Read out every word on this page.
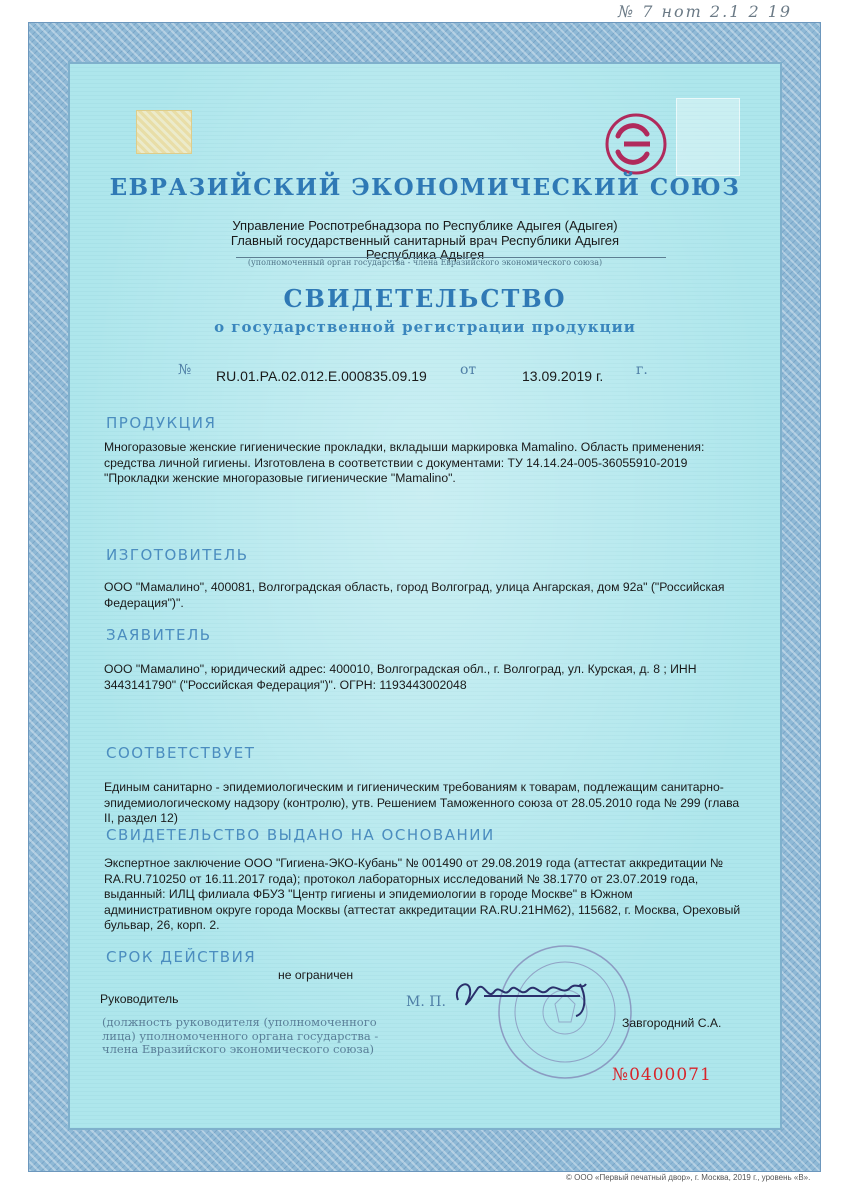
№ 7 нот 2.1 2 19
ЕВРАЗИЙСКИЙ ЭКОНОМИЧЕСКИЙ СОЮЗ
Управление Роспотребнадзора по Республике Адыгея (Адыгея)
Главный государственный санитарный врач Республики Адыгея
Республика Адыгея
(уполномоченный орган государства - члена Евразийского экономического союза)
СВИДЕТЕЛЬСТВО
о государственной регистрации продукции
№ RU.01.РА.02.012.Е.000835.09.19 от	13.09.2019 г. г.
ПРОДУКЦИЯ
Многоразовые женские гигиенические прокладки, вкладыши маркировка Mamalino. Область применения: средства личной гигиены. Изготовлена в соответствии с документами: ТУ 14.14.24-005-36055910-2019 "Прокладки женские многоразовые гигиенические "Mamalino".
ИЗГОТОВИТЕЛЬ
ООО "Мамалино", 400081, Волгоградская область, город Волгоград, улица Ангарская, дом 92а" ("Российская Федерация")".
ЗАЯВИТЕЛЬ
ООО "Мамалино", юридический адрес: 400010, Волгоградская обл., г. Волгоград, ул. Курская, д. 8 ; ИНН 3443141790" ("Российская Федерация")". ОГРН: 1193443002048
СООТВЕТСТВУЕТ
Единым санитарно - эпидемиологическим и гигиеническим требованиям к товарам, подлежащим санитарно-эпидемиологическому надзору (контролю), утв. Решением Таможенного союза от 28.05.2010 года № 299 (глава II, раздел 12)
СВИДЕТЕЛЬСТВО ВЫДАНО НА ОСНОВАНИИ
Экспертное заключение ООО "Гигиена-ЭКО-Кубань" № 001490 от 29.08.2019 года (аттестат аккредитации № RA.RU.710250 от 16.11.2017 года); протокол лабораторных исследований № 38.1770 от 23.07.2019 года, выданный: ИЛЦ филиала ФБУЗ "Центр гигиены и эпидемиологии в городе Москве" в Южном административном округе города Москвы (аттестат аккредитации RA.RU.21НМ62), 115682, г. Москва, Ореховый бульвар, 26, корп. 2.
СРОК ДЕЙСТВИЯ
не ограничен
Руководитель	М. П.
Завгородний С.А.
(должность руководителя (уполномоченного лица) уполномоченного органа государства - члена Евразийского экономического союза)
№0400071
© ООО «Первый печатный двор», г. Москва, 2019 г., уровень «В».
